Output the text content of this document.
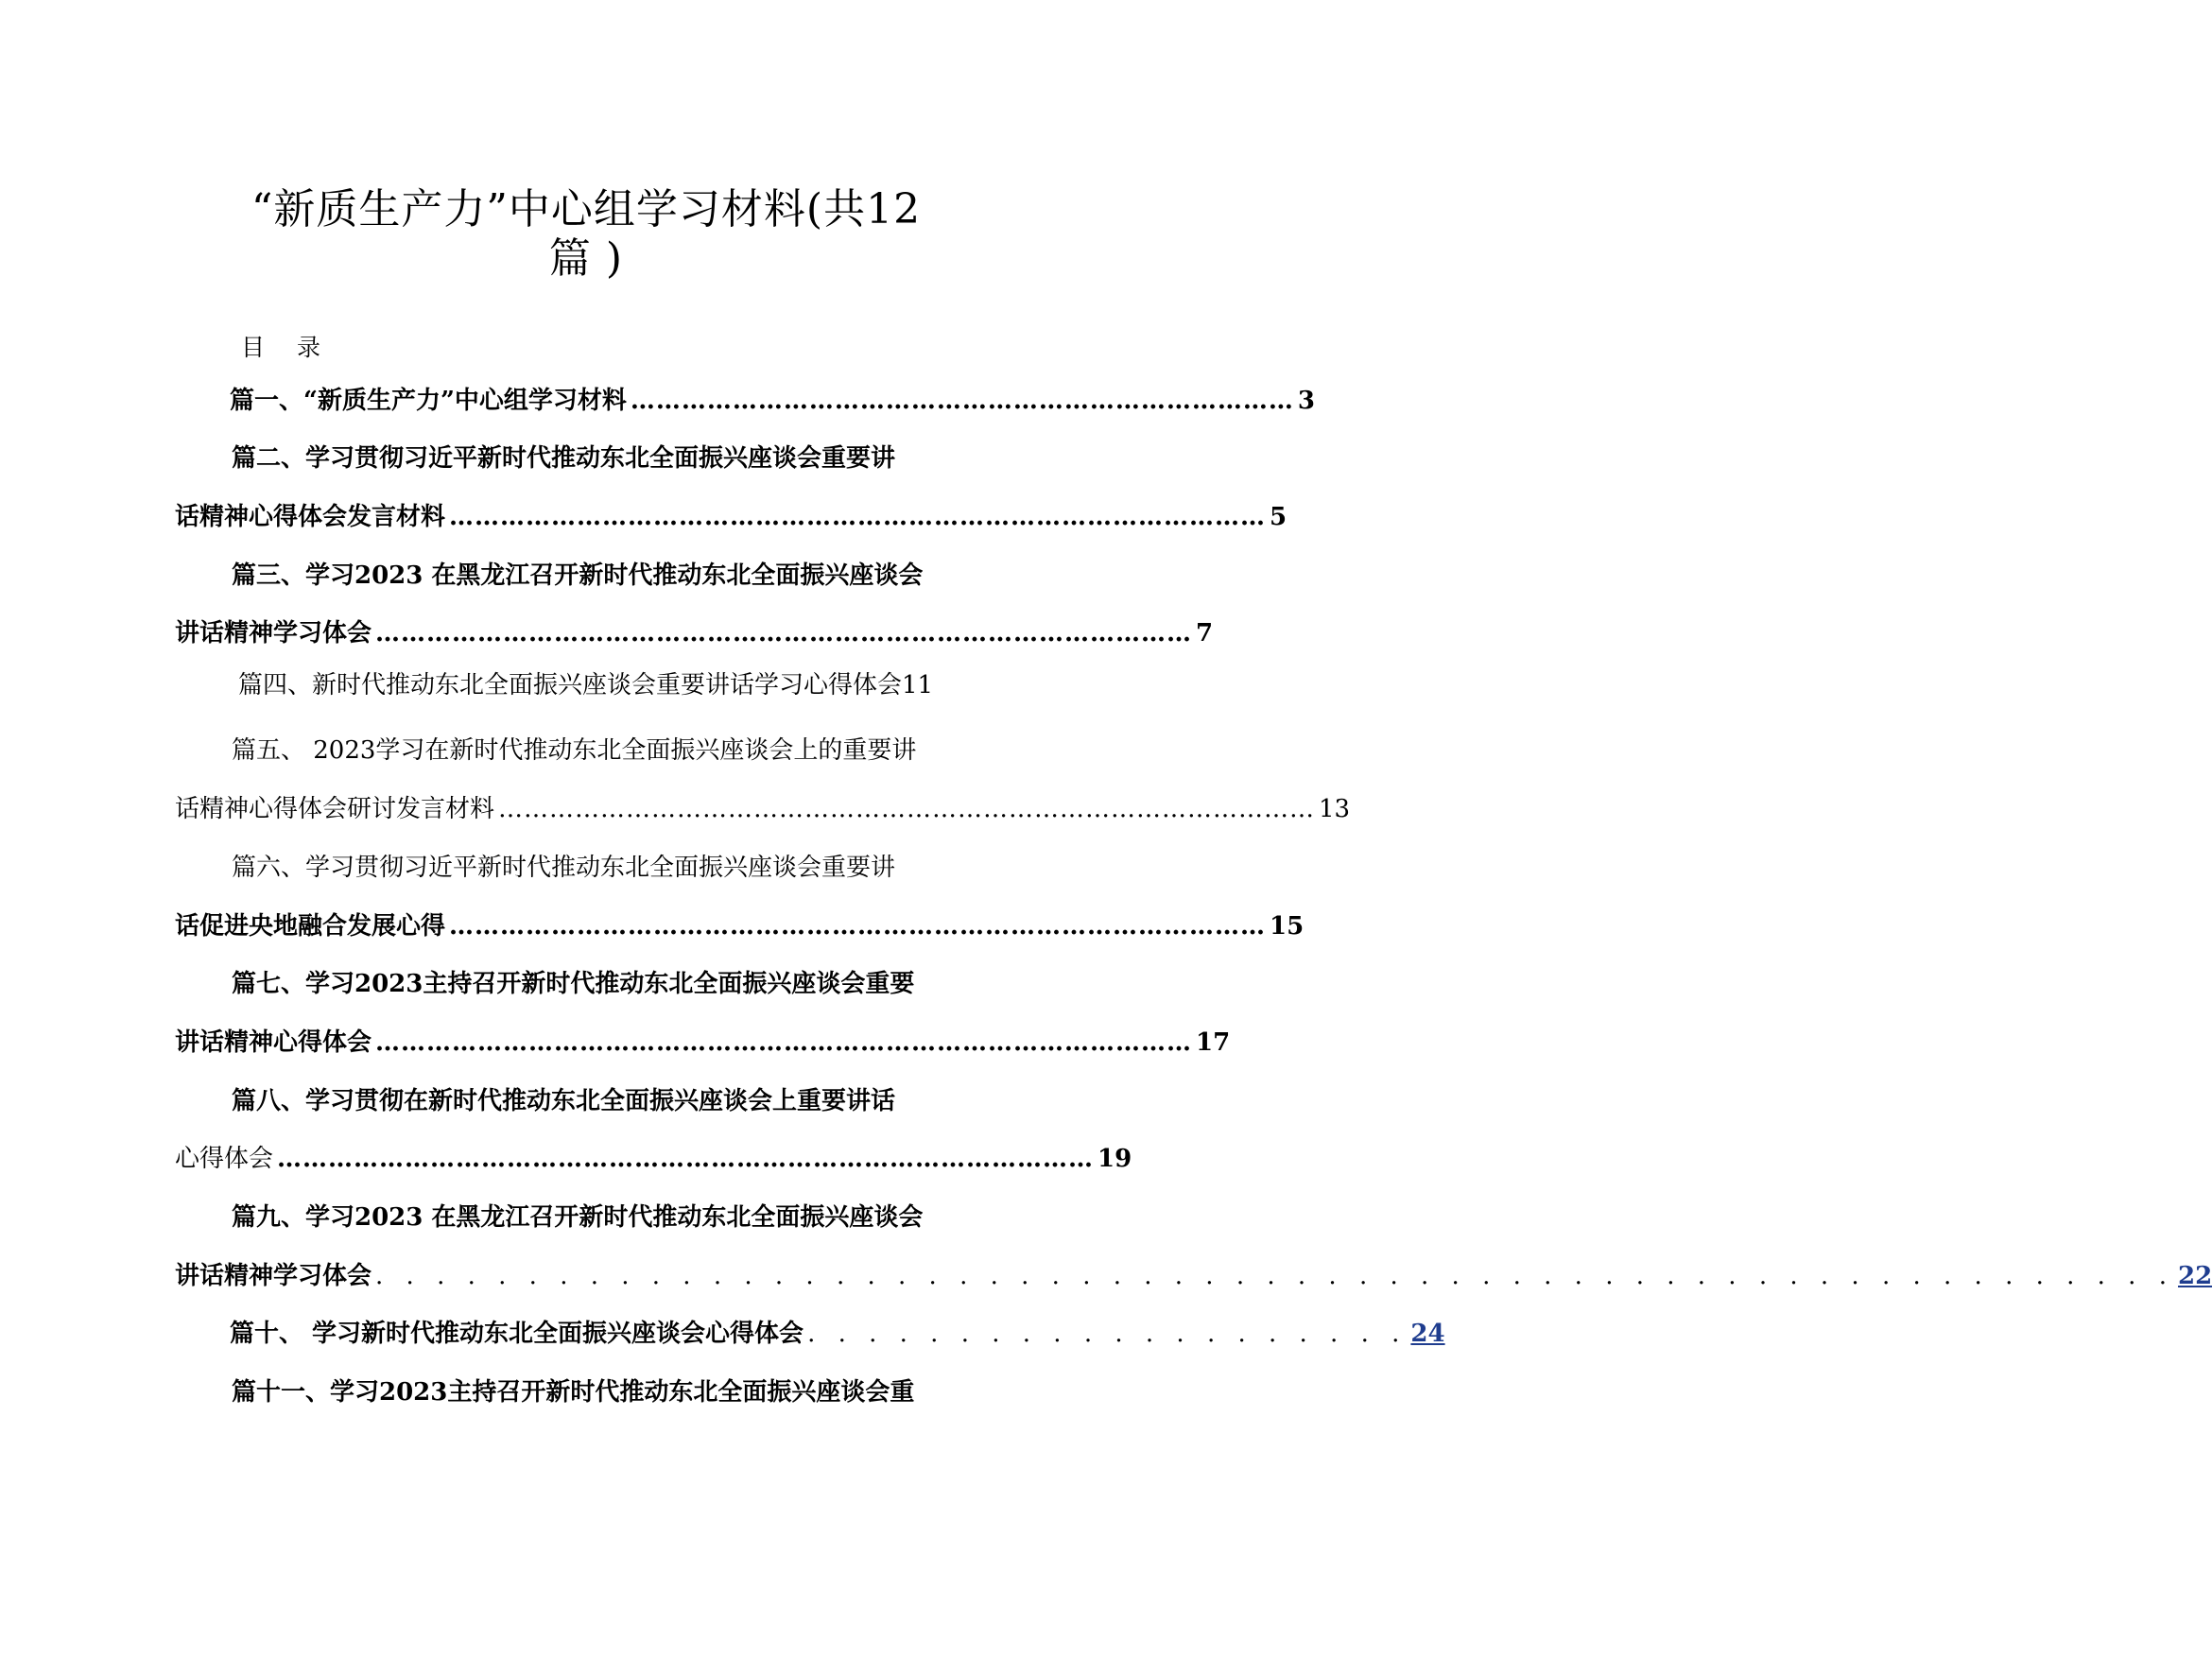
“新质生产力”中心组学习材料(共12
篇 )
目录
篇一、“新质生产力”中心组学习材料 …………………………………………………………………… 3
篇二、学习贯彻习近平新时代推动东北全面振兴座谈会重要讲
话精神心得体会发言材料 …………………………………………………………………………………… 5
篇三、学习2023 在黑龙江召开新时代推动东北全面振兴座谈会
讲话精神学习体会 …………………………………………………………………………………… 7
篇四、新时代推动东北全面振兴座谈会重要讲话学习心得体会11
篇五、 2023学习在新时代推动东北全面振兴座谈会上的重要讲
话精神心得体会研讨发言材料 …………………………………………………………………………………… 13
篇六、学习贯彻习近平新时代推动东北全面振兴座谈会重要讲
话促进央地融合发展心得 …………………………………………………………………………………… 15
篇七、学习2023主持召开新时代推动东北全面振兴座谈会重要
讲话精神心得体会 …………………………………………………………………………………… 17
篇八、学习贯彻在新时代推动东北全面振兴座谈会上重要讲话
心得体会 …………………………………………………………………………………… 19
篇九、学习2023 在黑龙江召开新时代推动东北全面振兴座谈会
讲话精神学习体会 . . . . . . . . . . . . . . . . . . . . . . . . . . . . . . . . . . . . . . . . . . . . . . . . . . . . . . . . . . . 22
篇十、 学习新时代推动东北全面振兴座谈会心得体会 . . . . . . . . . . . . . . . . . . . . 24
篇十一、学习2023主持召开新时代推动东北全面振兴座谈会重
